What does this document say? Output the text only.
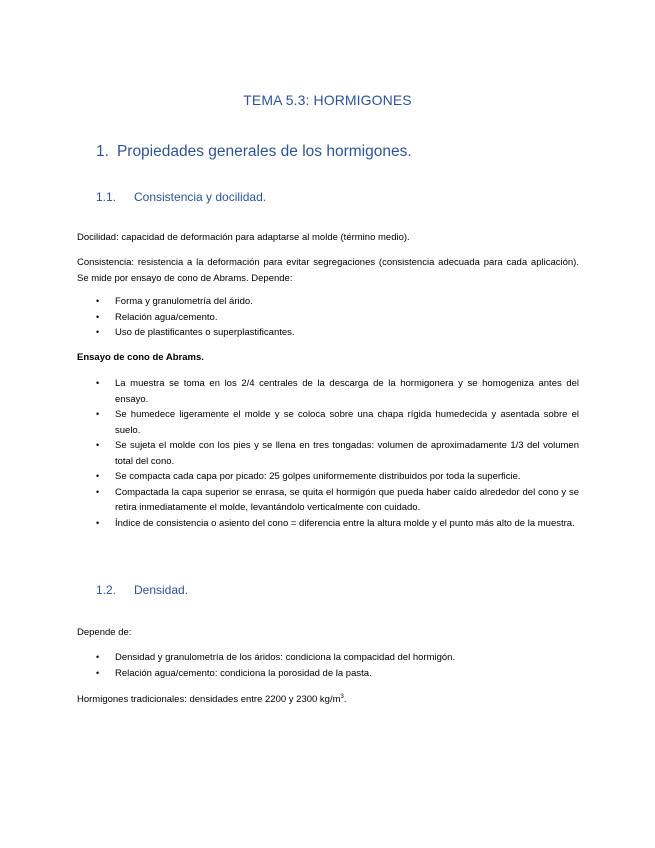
TEMA 5.3: HORMIGONES
1. Propiedades generales de los hormigones.
1.1. Consistencia y docilidad.
Docilidad: capacidad de deformación para adaptarse al molde (término medio).
Consistencia: resistencia a la deformación para evitar segregaciones (consistencia adecuada para cada aplicación). Se mide por ensayo de cono de Abrams. Depende:
• Forma y granulometría del árido.
• Relación agua/cemento.
• Uso de plastificantes o superplastificantes.
Ensayo de cono de Abrams.
• La muestra se toma en los 2/4 centrales de la descarga de la hormigonera y se homogeniza antes del ensayo.
• Se humedece ligeramente el molde y se coloca sobre una chapa rígida humedecida y asentada sobre el suelo.
• Se sujeta el molde con los pies y se llena en tres tongadas: volumen de aproximadamente 1/3 del volumen total del cono.
• Se compacta cada capa por picado: 25 golpes uniformemente distribuidos por toda la superficie.
• Compactada la capa superior se enrasa, se quita el hormigón que pueda haber caído alrededor del cono y se retira inmediatamente el molde, levantándolo verticalmente con cuidado.
• Índice de consistencia o asiento del cono = diferencia entre la altura molde y el punto más alto de la muestra.
1.2. Densidad.
Depende de:
• Densidad y granulometría de los áridos: condiciona la compacidad del hormigón.
• Relación agua/cemento: condiciona la porosidad de la pasta.
Hormigones tradicionales: densidades entre 2200 y 2300 $kg/m^3$.
